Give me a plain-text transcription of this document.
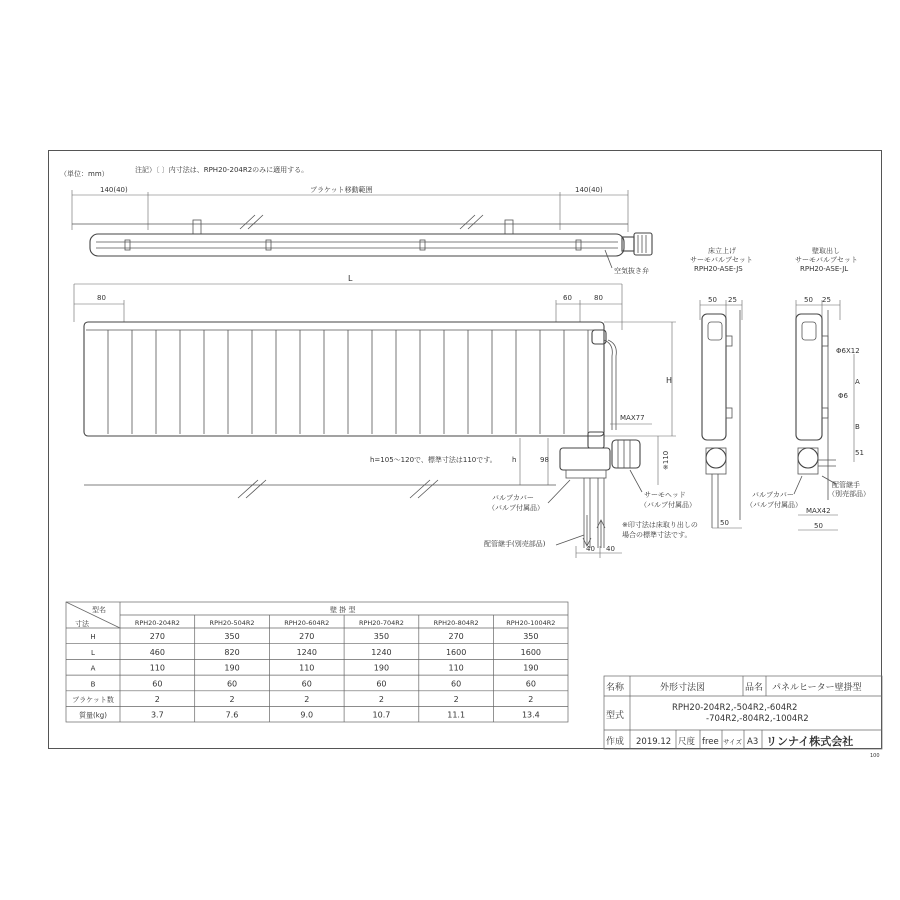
（単位：mm）	注記）〔 〕内寸法は、RPH20-204R2のみに適用する。
140(40)	ブラケット移動範囲	140(40)
空気抜き弁
L
80	60	80
H
h	98
h=105～120で、標準寸法は110です。
MAX77
※110
40 40
バルブカバー
（バルブ付属品）
サーモヘッド
（バルブ付属品）
配管継手(別売部品)
※印寸法は床取り出しの
場合の標準寸法です。
床立上げ
サーモバルブセット
RPH20-ASE-JS
50 25
50
壁取出し
サーモバルブセット
RPH20-ASE-JL
50 25
Φ6X12
Φ6
A
B
51
配管継手
（別売部品）
バルブカバー
（バルブ付属品）
MAX42
50
型名
寸法
壁 掛 型
RPH20-204R2	RPH20-504R2	RPH20-604R2	RPH20-704R2	RPH20-804R2	RPH20-1004R2
H	270	350	270	350	270	350
L	460	820	1240	1240	1600	1600
A	110	190	110	190	110	190
B	60	60	60	60	60	60
ブラケット数	2	2	2	2	2	2
質量(kg)	3.7	7.6	9.0	10.7	11.1	13.4
名称	外形寸法図	品名 パネルヒーター壁掛型
型式
RPH20-204R2,-504R2,-604R2
-704R2,-804R2,-1004R2
作成 2019.12 尺度 free サイズ A3 リンナイ株式会社
100
